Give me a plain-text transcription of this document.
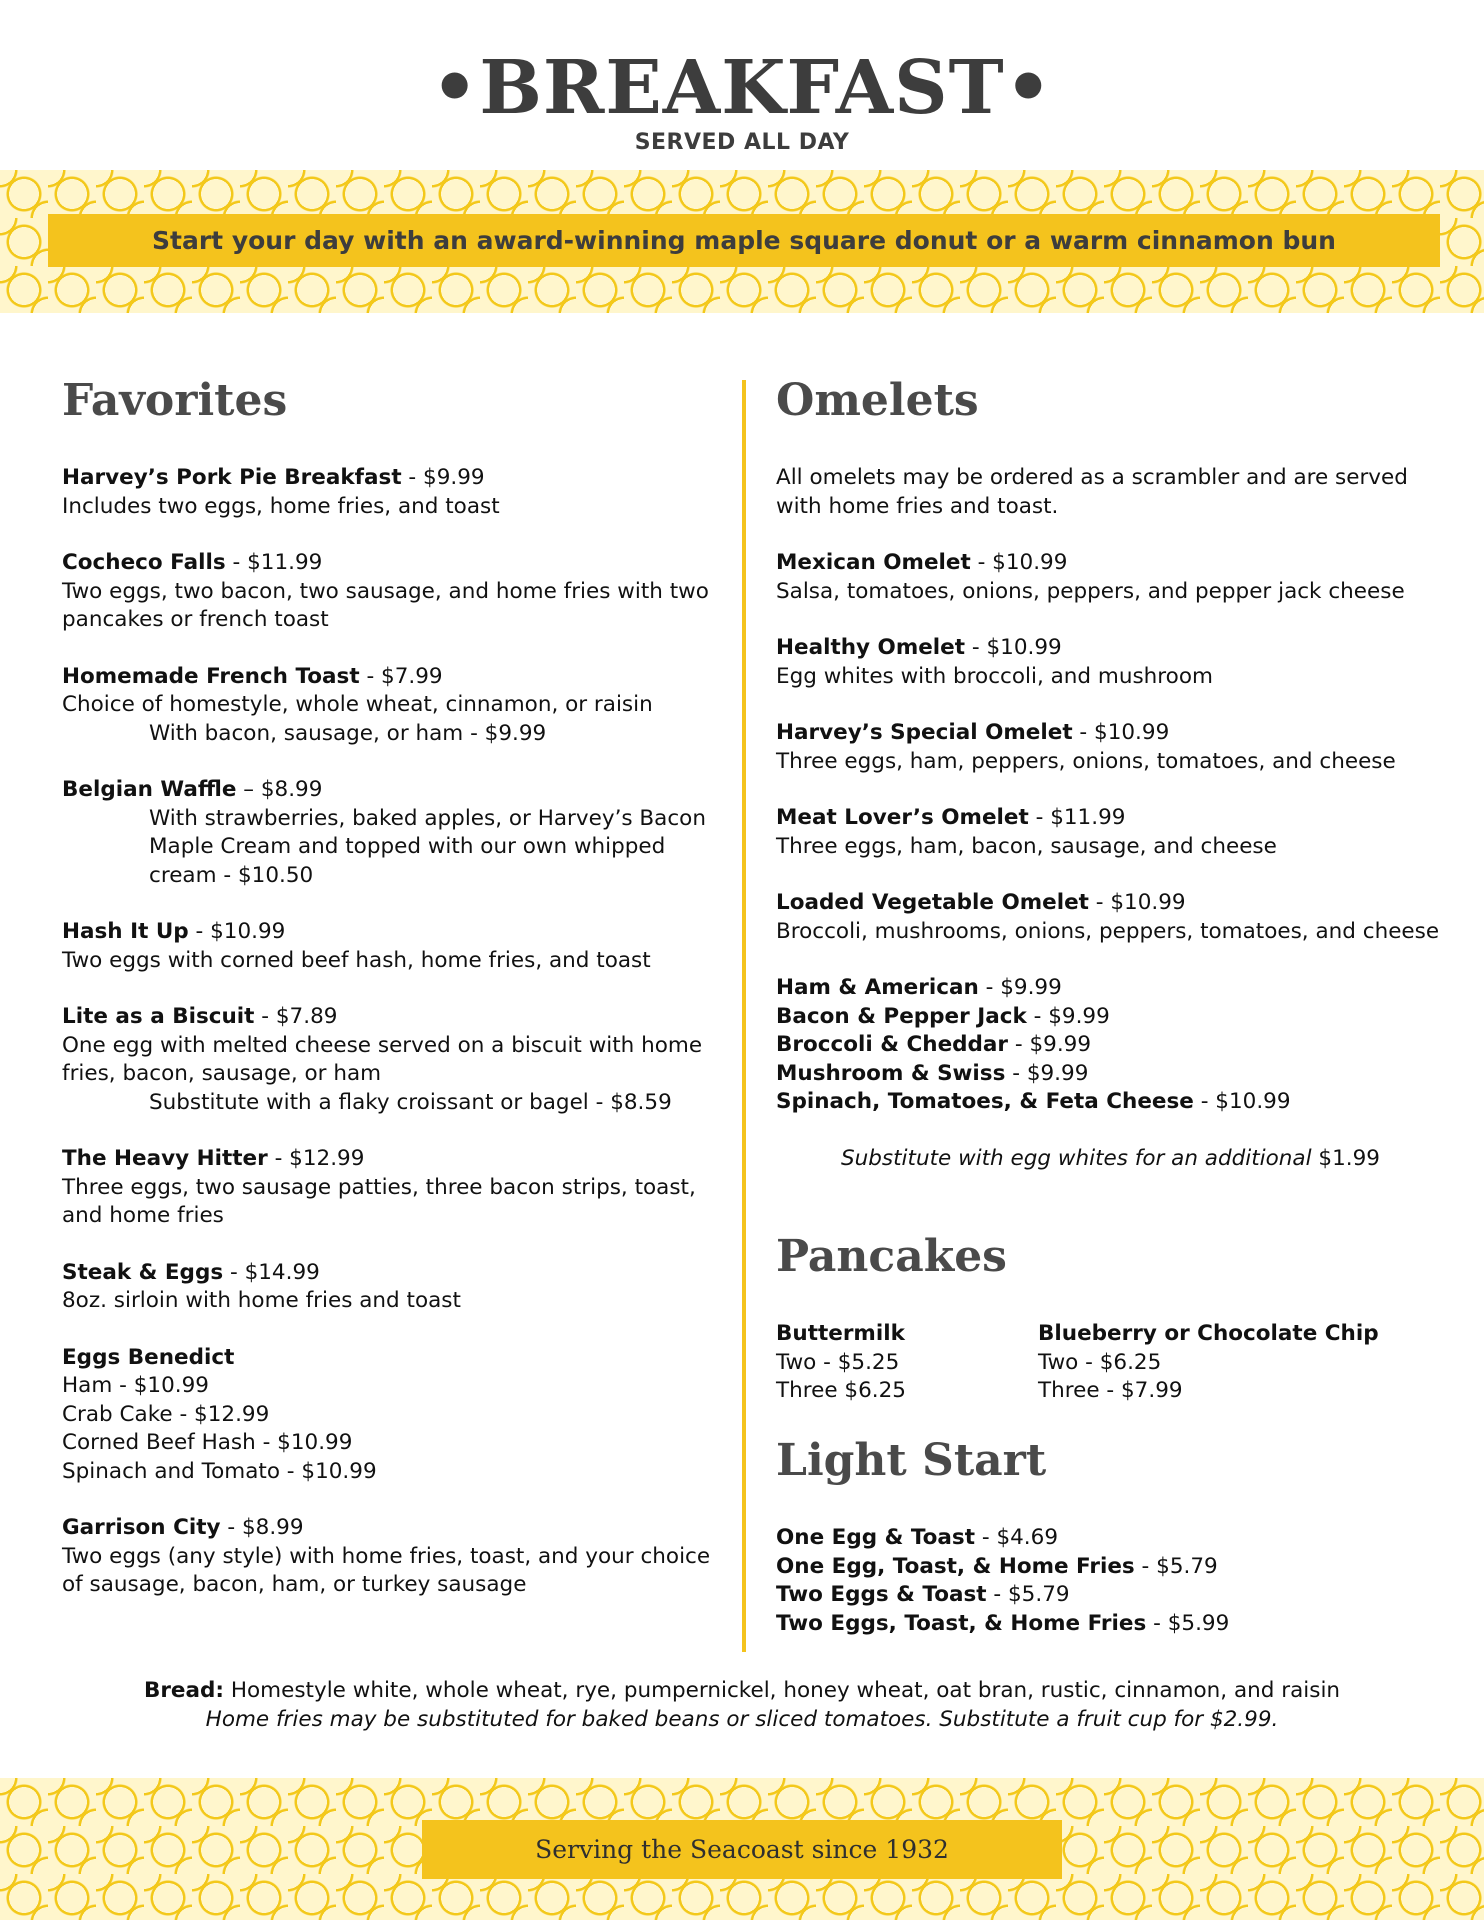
•BREAKFAST•
SERVED ALL DAY
Start your day with an award-winning maple square donut or a warm cinnamon bun
Favorites
Harvey’s Pork Pie Breakfast - $9.99
Includes two eggs, home fries, and toast
Cocheco Falls - $11.99
Two eggs, two bacon, two sausage, and home fries with two pancakes or french toast
Homemade French Toast - $7.99
Choice of homestyle, whole wheat, cinnamon, or raisin
With bacon, sausage, or ham - $9.99
Belgian Waffle – $8.99
With strawberries, baked apples, or Harvey’s Bacon Maple Cream and topped with our own whipped cream - $10.50
Hash It Up - $10.99
Two eggs with corned beef hash, home fries, and toast
Lite as a Biscuit - $7.89
One egg with melted cheese served on a biscuit with home fries, bacon, sausage, or ham
Substitute with a flaky croissant or bagel - $8.59
The Heavy Hitter - $12.99
Three eggs, two sausage patties, three bacon strips, toast, and home fries
Steak & Eggs - $14.99
8oz. sirloin with home fries and toast
Eggs Benedict
Ham - $10.99
Crab Cake - $12.99
Corned Beef Hash - $10.99
Spinach and Tomato - $10.99
Garrison City - $8.99
Two eggs (any style) with home fries, toast, and your choice of sausage, bacon, ham, or turkey sausage
Omelets
All omelets may be ordered as a scrambler and are served with home fries and toast.
Mexican Omelet - $10.99
Salsa, tomatoes, onions, peppers, and pepper jack cheese
Healthy Omelet - $10.99
Egg whites with broccoli, and mushroom
Harvey’s Special Omelet - $10.99
Three eggs, ham, peppers, onions, tomatoes, and cheese
Meat Lover’s Omelet - $11.99
Three eggs, ham, bacon, sausage, and cheese
Loaded Vegetable Omelet - $10.99
Broccoli, mushrooms, onions, peppers, tomatoes, and cheese
Ham & American - $9.99
Bacon & Pepper Jack - $9.99
Broccoli & Cheddar - $9.99
Mushroom & Swiss - $9.99
Spinach, Tomatoes, & Feta Cheese - $10.99
Substitute with egg whites for an additional $1.99
Pancakes
Buttermilk
Two - $5.25
Three $6.25
Blueberry or Chocolate Chip
Two - $6.25
Three - $7.99
Light Start
One Egg & Toast - $4.69
One Egg, Toast, & Home Fries - $5.79
Two Eggs & Toast - $5.79
Two Eggs, Toast, & Home Fries - $5.99
Bread: Homestyle white, whole wheat, rye, pumpernickel, honey wheat, oat bran, rustic, cinnamon, and raisin
Home fries may be substituted for baked beans or sliced tomatoes. Substitute a fruit cup for $2.99.
Serving the Seacoast since 1932
